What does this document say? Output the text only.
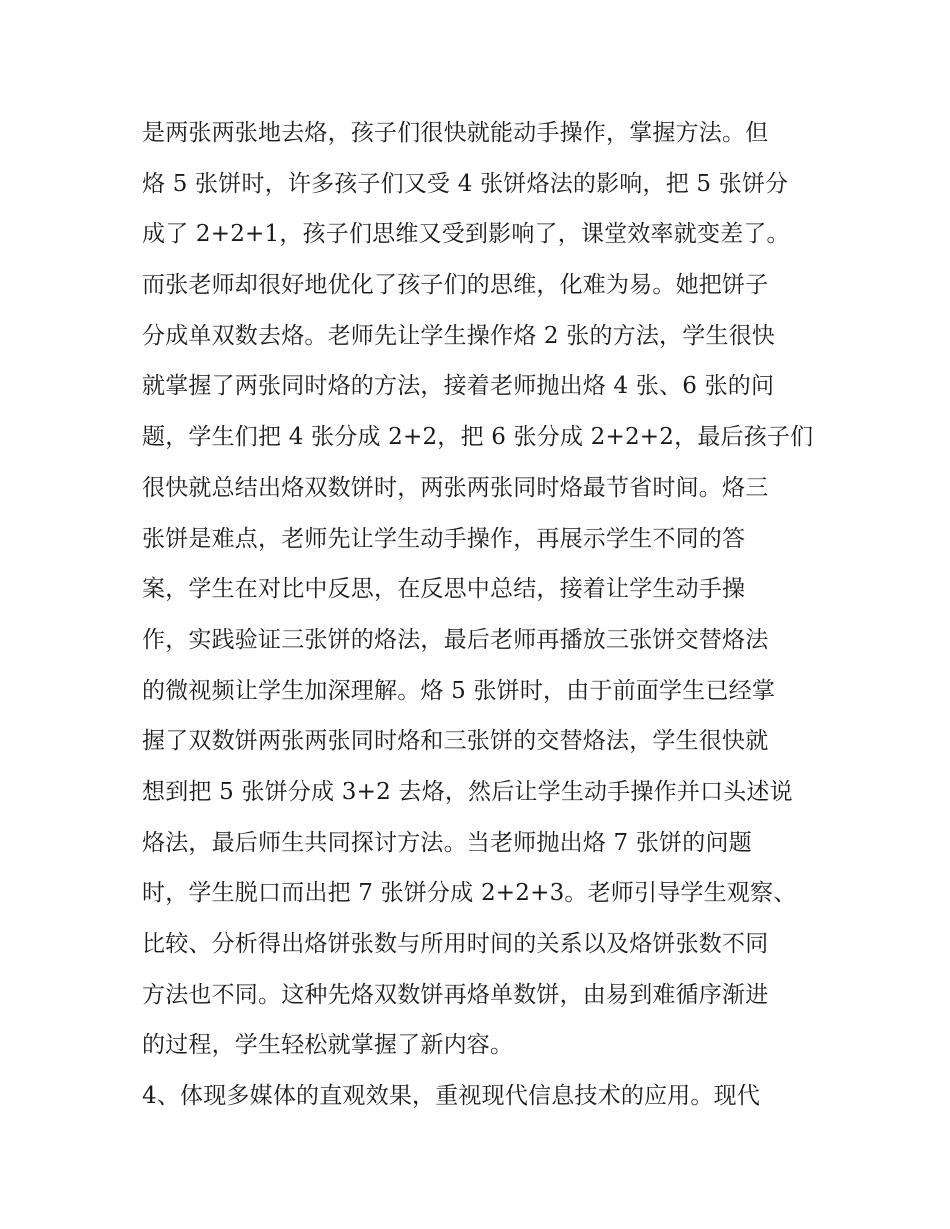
是两张两张地去烙，孩子们很快就能动手操作，掌握方法。但
烙 5 张饼时，许多孩子们又受 4 张饼烙法的影响，把 5 张饼分
成了 2+2+1，孩子们思维又受到影响了，课堂效率就变差了。
而张老师却很好地优化了孩子们的思维，化难为易。她把饼子
分成单双数去烙。老师先让学生操作烙 2 张的方法，学生很快
就掌握了两张同时烙的方法，接着老师抛出烙 4 张、6 张的问
题，学生们把 4 张分成 2+2，把 6 张分成 2+2+2，最后孩子们
很快就总结出烙双数饼时，两张两张同时烙最节省时间。烙三
张饼是难点，老师先让学生动手操作，再展示学生不同的答
案，学生在对比中反思，在反思中总结，接着让学生动手操
作，实践验证三张饼的烙法，最后老师再播放三张饼交替烙法
的微视频让学生加深理解。烙 5 张饼时，由于前面学生已经掌
握了双数饼两张两张同时烙和三张饼的交替烙法，学生很快就
想到把 5 张饼分成 3+2 去烙，然后让学生动手操作并口头述说
烙法，最后师生共同探讨方法。当老师抛出烙 7 张饼的问题
时，学生脱口而出把 7 张饼分成 2+2+3。老师引导学生观察、
比较、分析得出烙饼张数与所用时间的关系以及烙饼张数不同
方法也不同。这种先烙双数饼再烙单数饼，由易到难循序渐进
的过程，学生轻松就掌握了新内容。
4、体现多媒体的直观效果，重视现代信息技术的应用。现代
